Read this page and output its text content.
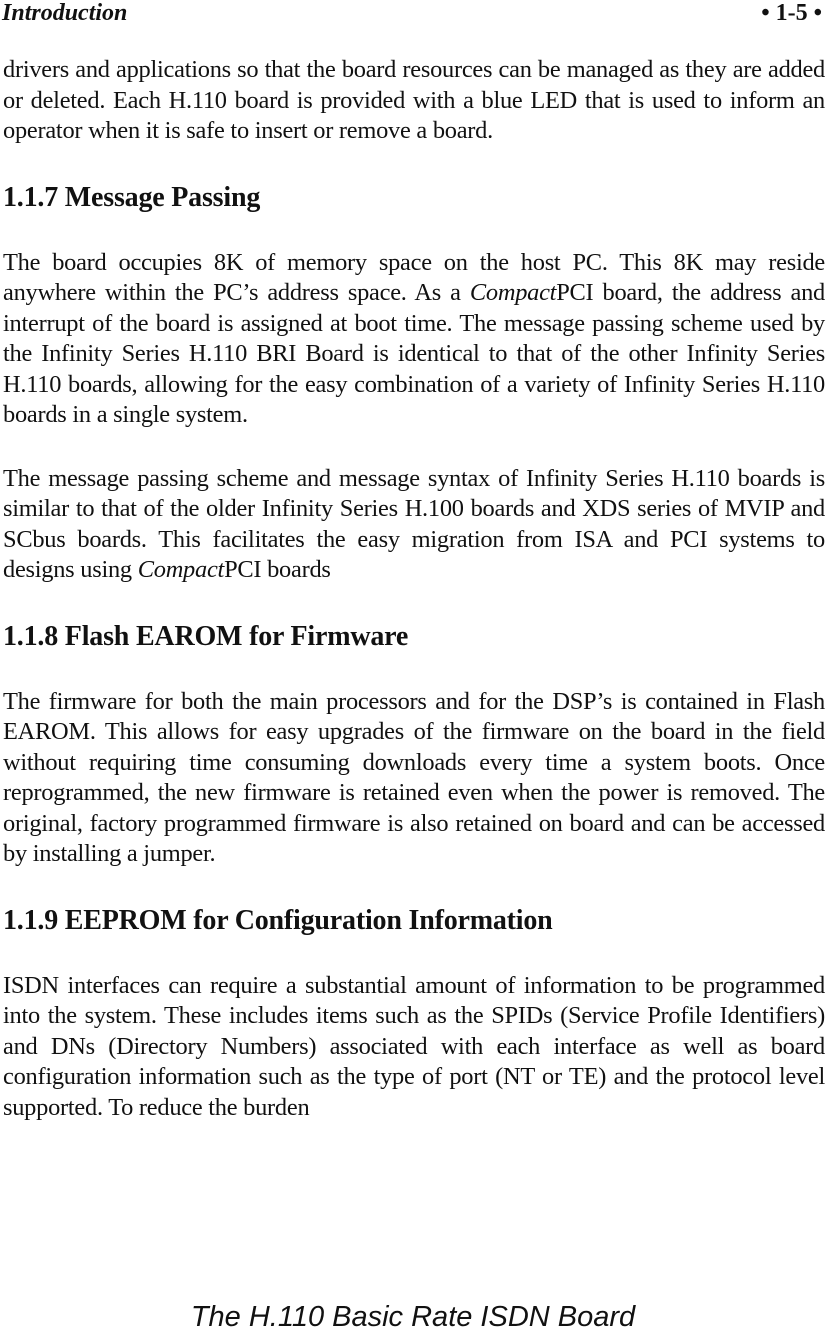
Introduction	• 1-5 •

drivers and applications so that the board resources can be managed as they are added or deleted. Each H.110 board is provided with a blue LED that is used to inform an operator when it is safe to insert or remove a board.

1.1.7 Message Passing

The board occupies 8K of memory space on the host PC. This 8K may reside anywhere within the PC’s address space. As a CompactPCI board, the address and interrupt of the board is assigned at boot time. The message passing scheme used by the Infinity Series H.110 BRI Board is identical to that of the other Infinity Series H.110 boards, allowing for the easy combination of a variety of Infinity Series H.110 boards in a single system.

The message passing scheme and message syntax of Infinity Series H.110 boards is similar to that of the older Infinity Series H.100 boards and XDS series of MVIP and SCbus boards. This facilitates the easy migration from ISA and PCI systems to designs using CompactPCI boards

1.1.8 Flash EAROM for Firmware

The firmware for both the main processors and for the DSP’s is contained in Flash EAROM. This allows for easy upgrades of the firmware on the board in the field without requiring time consuming downloads every time a system boots. Once reprogrammed, the new firmware is retained even when the power is removed. The original, factory programmed firmware is also retained on board and can be accessed by installing a jumper.

1.1.9 EEPROM for Configuration Information

ISDN interfaces can require a substantial amount of information to be programmed into the system. These includes items such as the SPIDs (Service Profile Identifiers) and DNs (Directory Numbers) associated with each interface as well as board configuration information such as the type of port (NT or TE) and the protocol level supported. To reduce the burden

The H.110 Basic Rate ISDN Board
